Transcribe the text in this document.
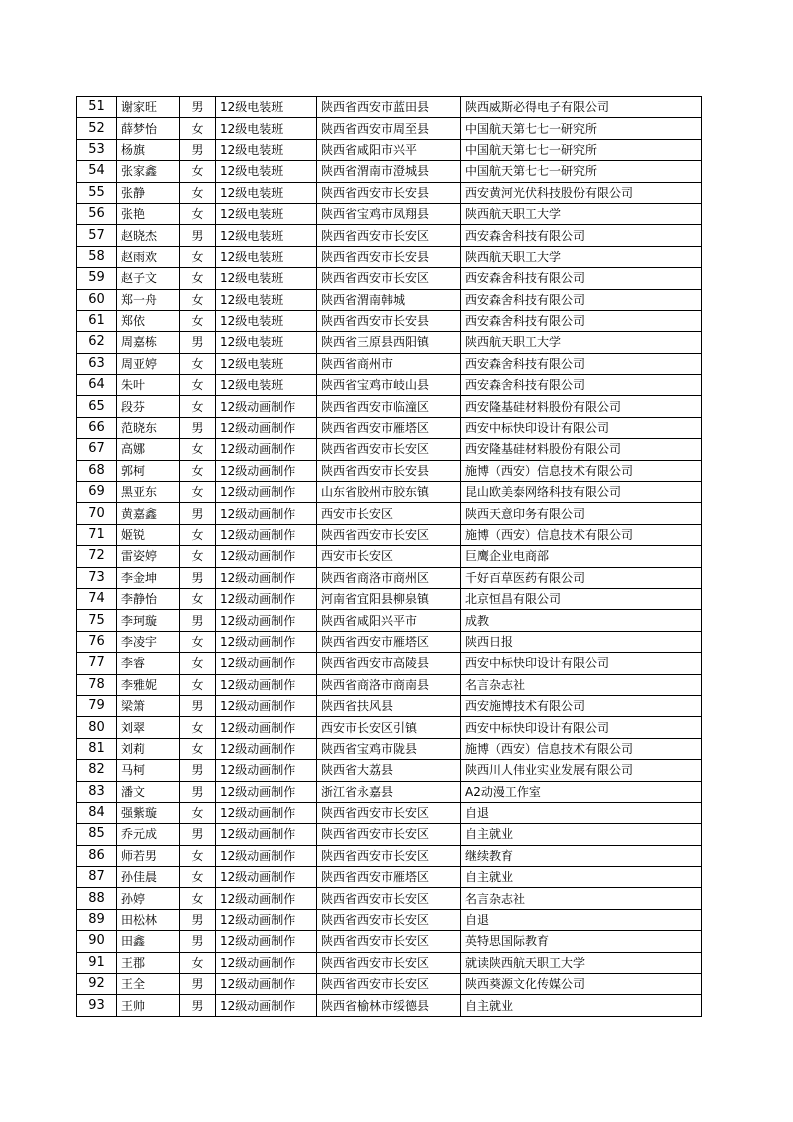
51	谢家旺	男	12级电装班	陕西省西安市蓝田县	陕西威斯必得电子有限公司
52	薛梦怡	女	12级电装班	陕西省西安市周至县	中国航天第七七一研究所
53	杨旗	男	12级电装班	陕西省咸阳市兴平	中国航天第七七一研究所
54	张家鑫	女	12级电装班	陕西省渭南市澄城县	中国航天第七七一研究所
55	张静	女	12级电装班	陕西省西安市长安县	西安黄河光伏科技股份有限公司
56	张艳	女	12级电装班	陕西省宝鸡市凤翔县	陕西航天职工大学
57	赵晓杰	男	12级电装班	陕西省西安市长安区	西安森舍科技有限公司
58	赵雨欢	女	12级电装班	陕西省西安市长安县	陕西航天职工大学
59	赵子文	女	12级电装班	陕西省西安市长安区	西安森舍科技有限公司
60	郑一舟	女	12级电装班	陕西省渭南韩城	西安森舍科技有限公司
61	郑依	女	12级电装班	陕西省西安市长安县	西安森舍科技有限公司
62	周嘉栋	男	12级电装班	陕西省三原县西阳镇	陕西航天职工大学
63	周亚婷	女	12级电装班	陕西省商州市	西安森舍科技有限公司
64	朱叶	女	12级电装班	陕西省宝鸡市岐山县	西安森舍科技有限公司
65	段芬	女	12级动画制作	陕西省西安市临潼区	西安隆基硅材料股份有限公司
66	范晓东	男	12级动画制作	陕西省西安市雁塔区	西安中标快印设计有限公司
67	高娜	女	12级动画制作	陕西省西安市长安区	西安隆基硅材料股份有限公司
68	郭柯	女	12级动画制作	陕西省西安市长安县	施博（西安）信息技术有限公司
69	黑亚东	女	12级动画制作	山东省胶州市胶东镇	昆山欧美泰网络科技有限公司
70	黄嘉鑫	男	12级动画制作	西安市长安区	陕西天意印务有限公司
71	姬锐	女	12级动画制作	陕西省西安市长安区	施博（西安）信息技术有限公司
72	雷姿婷	女	12级动画制作	西安市长安区	巨鹰企业电商部
73	李金坤	男	12级动画制作	陕西省商洛市商州区	千好百草医药有限公司
74	李静怡	女	12级动画制作	河南省宜阳县柳泉镇	北京恒昌有限公司
75	李珂璇	男	12级动画制作	陕西省咸阳兴平市	成教
76	李凌宇	女	12级动画制作	陕西省西安市雁塔区	陕西日报
77	李睿	女	12级动画制作	陕西省西安市高陵县	西安中标快印设计有限公司
78	李雅妮	女	12级动画制作	陕西省商洛市商南县	名言杂志社
79	梁箫	男	12级动画制作	陕西省扶风县	西安施博技术有限公司
80	刘翠	女	12级动画制作	西安市长安区引镇	西安中标快印设计有限公司
81	刘莉	女	12级动画制作	陕西省宝鸡市陇县	施博（西安）信息技术有限公司
82	马柯	男	12级动画制作	陕西省大荔县	陕西川人伟业实业发展有限公司
83	潘文	男	12级动画制作	浙江省永嘉县	A2动漫工作室
84	强紫璇	女	12级动画制作	陕西省西安市长安区	自退
85	乔元成	男	12级动画制作	陕西省西安市长安区	自主就业
86	师若男	女	12级动画制作	陕西省西安市长安区	继续教育
87	孙佳晨	女	12级动画制作	陕西省西安市雁塔区	自主就业
88	孙婷	女	12级动画制作	陕西省西安市长安区	名言杂志社
89	田松林	男	12级动画制作	陕西省西安市长安区	自退
90	田鑫	男	12级动画制作	陕西省西安市长安区	英特思国际教育
91	王郡	女	12级动画制作	陕西省西安市长安区	就读陕西航天职工大学
92	王全	男	12级动画制作	陕西省西安市长安区	陕西葵源文化传媒公司
93	王帅	男	12级动画制作	陕西省榆林市绥德县	自主就业
